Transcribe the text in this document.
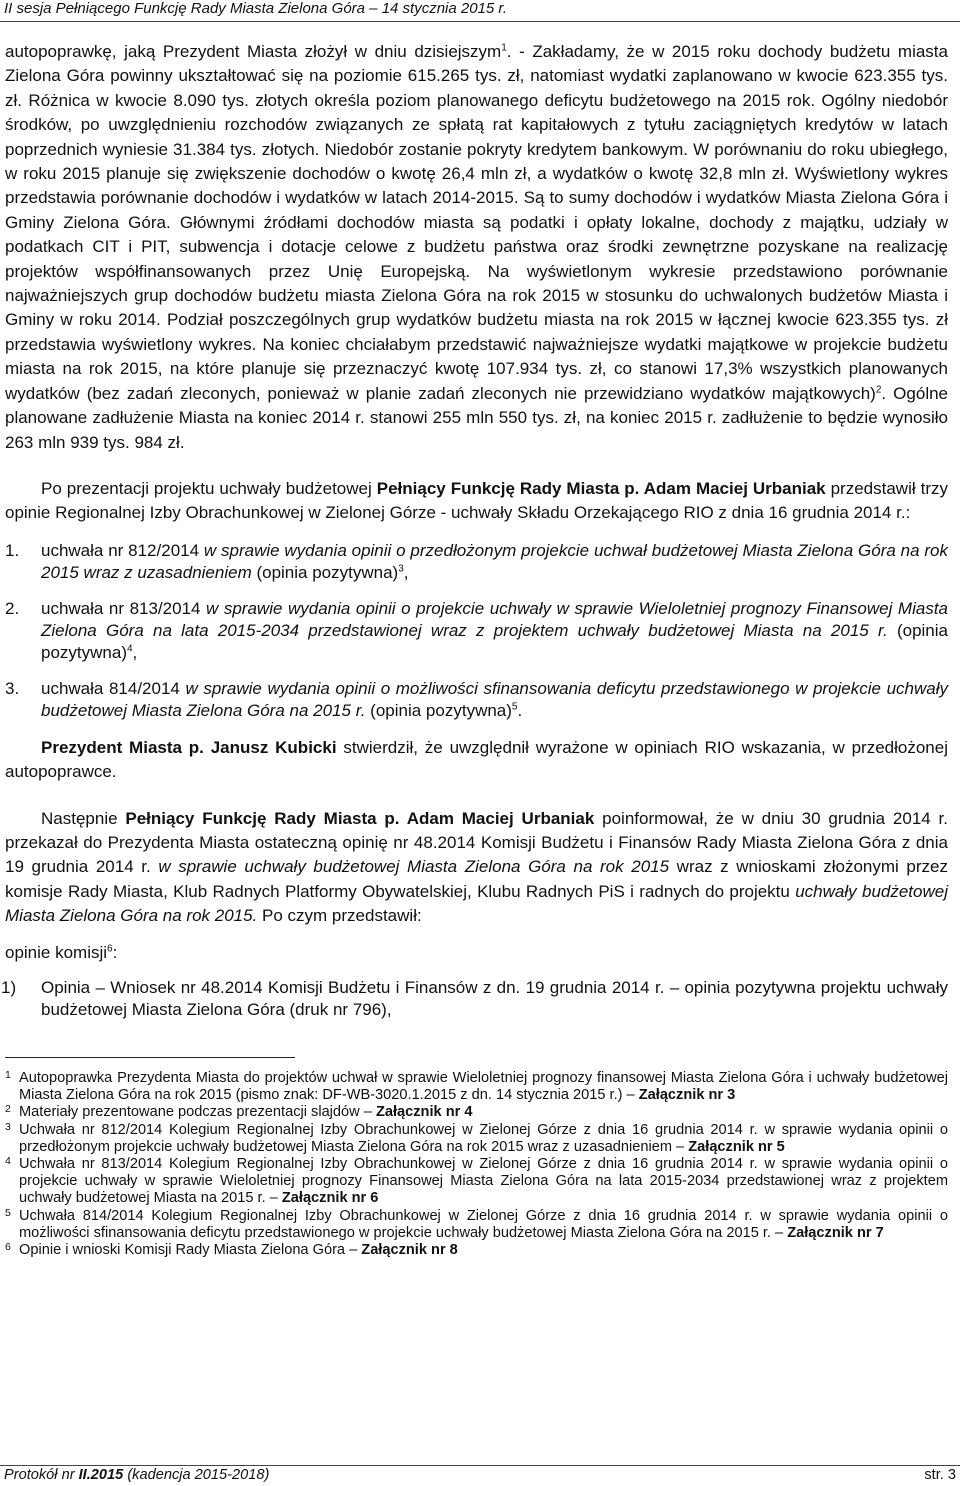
II sesja Pełniącego Funkcję Rady Miasta Zielona Góra – 14 stycznia 2015 r.

autopoprawkę, jaką Prezydent Miasta złożył w dniu dzisiejszym$^1$. - Zakładamy, że w 2015 roku dochody budżetu miasta Zielona Góra powinny ukształtować się na poziomie 615.265 tys. zł, natomiast wydatki zaplanowano w kwocie 623.355 tys. zł. Różnica w kwocie 8.090 tys. złotych określa poziom planowanego deficytu budżetowego na 2015 rok. Ogólny niedobór środków, po uwzględnieniu rozchodów związanych ze spłatą rat kapitałowych z tytułu zaciągniętych kredytów w latach poprzednich wyniesie 31.384 tys. złotych. Niedobór zostanie pokryty kredytem bankowym. W porównaniu do roku ubiegłego, w roku 2015 planuje się zwiększenie dochodów o kwotę 26,4 mln zł, a wydatków o kwotę 32,8 mln zł. Wyświetlony wykres przedstawia porównanie dochodów i wydatków w latach 2014-2015. Są to sumy dochodów i wydatków Miasta Zielona Góra i Gminy Zielona Góra. Głównymi źródłami dochodów miasta są podatki i opłaty lokalne, dochody z majątku, udziały w podatkach CIT i PIT, subwencja i dotacje celowe z budżetu państwa oraz środki zewnętrzne pozyskane na realizację projektów współfinansowanych przez Unię Europejską. Na wyświetlonym wykresie przedstawiono porównanie najważniejszych grup dochodów budżetu miasta Zielona Góra na rok 2015 w stosunku do uchwalonych budżetów Miasta i Gminy w roku 2014. Podział poszczególnych grup wydatków budżetu miasta na rok 2015 w łącznej kwocie 623.355 tys. zł przedstawia wyświetlony wykres. Na koniec chciałabym przedstawić najważniejsze wydatki majątkowe w projekcie budżetu miasta na rok 2015, na które planuje się przeznaczyć kwotę 107.934 tys. zł, co stanowi 17,3% wszystkich planowanych wydatków (bez zadań zleconych, ponieważ w planie zadań zleconych nie przewidziano wydatków majątkowych)$^2$. Ogólne planowane zadłużenie Miasta na koniec 2014 r. stanowi 255 mln 550 tys. zł, na koniec 2015 r. zadłużenie to będzie wynosiło 263 mln 939 tys. 984 zł.

Po prezentacji projektu uchwały budżetowej Pełniący Funkcję Rady Miasta p. Adam Maciej Urbaniak przedstawił trzy opinie Regionalnej Izby Obrachunkowej w Zielonej Górze - uchwały Składu Orzekającego RIO z dnia 16 grudnia 2014 r.:

1. uchwała nr 812/2014 w sprawie wydania opinii o przedłożonym projekcie uchwał budżetowej Miasta Zielona Góra na rok 2015 wraz z uzasadnieniem (opinia pozytywna)$^3$,
2. uchwała nr 813/2014 w sprawie wydania opinii o projekcie uchwały w sprawie Wieloletniej prognozy Finansowej Miasta Zielona Góra na lata 2015-2034 przedstawionej wraz z projektem uchwały budżetowej Miasta na 2015 r. (opinia pozytywna)$^4$,
3. uchwała 814/2014 w sprawie wydania opinii o możliwości sfinansowania deficytu przedstawionego w projekcie uchwały budżetowej Miasta Zielona Góra na 2015 r. (opinia pozytywna)$^5$.

Prezydent Miasta p. Janusz Kubicki stwierdził, że uwzględnił wyrażone w opiniach RIO wskazania, w przedłożonej autopoprawce.

Następnie Pełniący Funkcję Rady Miasta p. Adam Maciej Urbaniak poinformował, że w dniu 30 grudnia 2014 r. przekazał do Prezydenta Miasta ostateczną opinię nr 48.2014 Komisji Budżetu i Finansów Rady Miasta Zielona Góra z dnia 19 grudnia 2014 r. w sprawie uchwały budżetowej Miasta Zielona Góra na rok 2015 wraz z wnioskami złożonymi przez komisje Rady Miasta, Klub Radnych Platformy Obywatelskiej, Klubu Radnych PiS i radnych do projektu uchwały budżetowej Miasta Zielona Góra na rok 2015. Po czym przedstawił:

opinie komisji$^6$:

1) Opinia – Wniosek nr 48.2014 Komisji Budżetu i Finansów z dn. 19 grudnia 2014 r. – opinia pozytywna projektu uchwały budżetowej Miasta Zielona Góra (druk nr 796),
1 Autopoprawka Prezydenta Miasta do projektów uchwał w sprawie Wieloletniej prognozy finansowej Miasta Zielona Góra i uchwały budżetowej Miasta Zielona Góra na rok 2015 (pismo znak: DF-WB-3020.1.2015 z dn. 14 stycznia 2015 r.) – Załącznik nr 3
2 Materiały prezentowane podczas prezentacji slajdów – Załącznik nr 4
3 Uchwała nr 812/2014 Kolegium Regionalnej Izby Obrachunkowej w Zielonej Górze z dnia 16 grudnia 2014 r. w sprawie wydania opinii o przedłożonym projekcie uchwały budżetowej Miasta Zielona Góra na rok 2015 wraz z uzasadnieniem – Załącznik nr 5
4 Uchwała nr 813/2014 Kolegium Regionalnej Izby Obrachunkowej w Zielonej Górze z dnia 16 grudnia 2014 r. w sprawie wydania opinii o projekcie uchwały w sprawie Wieloletniej prognozy Finansowej Miasta Zielona Góra na lata 2015-2034 przedstawionej wraz z projektem uchwały budżetowej Miasta na 2015 r. – Załącznik nr 6
5 Uchwała 814/2014 Kolegium Regionalnej Izby Obrachunkowej w Zielonej Górze z dnia 16 grudnia 2014 r. w sprawie wydania opinii o możliwości sfinansowania deficytu przedstawionego w projekcie uchwały budżetowej Miasta Zielona Góra na 2015 r. – Załącznik nr 7
6 Opinie i wnioski Komisji Rady Miasta Zielona Góra – Załącznik nr 8
Protokół nr II.2015 (kadencja 2015-2018)	str. 3
